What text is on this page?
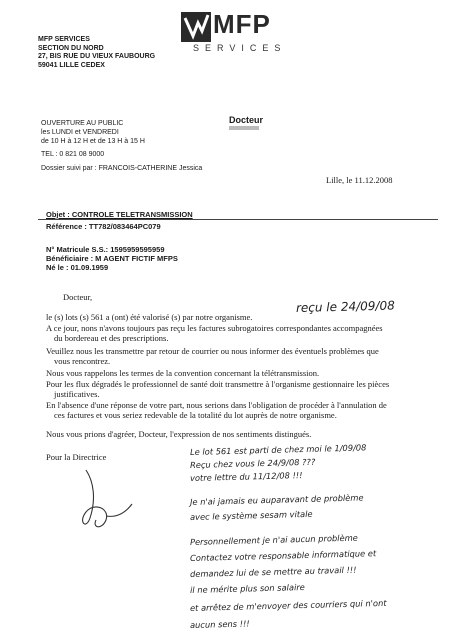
MFP
SERVICES
MFP SERVICES
SECTION DU NORD
27, BIS RUE DU VIEUX FAUBOURG
59041 LILLE CEDEX
OUVERTURE AU PUBLIC
les LUNDI et VENDREDI
de 10 H à 12 H et de 13 H à 15 H
Docteur
TEL : 0 821 08 9000
Dossier suivi par : FRANCOIS-CATHERINE Jessica
Lille, le 11.12.2008
Objet : CONTROLE TELETRANSMISSION
Référence : TT782/083464PC079
N° Matricule S.S.: 1595959595959
Bénéficiaire : M AGENT FICTIF MFPS
Né le : 01.09.1959
Docteur,
le (s) lots (s) 561 a (ont) été valorisé (s) par notre organisme.
reçu le 24/09/08
A ce jour, nons n'avons toujours pas reçu les factures subrogatoires correspondantes accompagnées
du bordereau et des prescriptions.
Veuillez nous les transmettre par retour de courrier ou nous informer des éventuels problèmes que
vous rencontrez.
Nous vous rappelons les termes de la convention concernant la télétransmission.
Pour les flux dégradés le professionnel de santé doit transmettre à l'organisme gestionnaire les pièces
justificatives.
En l'absence d'une réponse de votre part, nous serions dans l'obligation de procéder à l'annulation de
ces factures et vous seriez redevable de la totalité du lot auprès de notre organisme.
Nous vous prions d'agréer, Docteur, l'expression de nos sentiments distingués.
Pour la Directrice
Le lot 561 est parti de chez moi le 1/09/08
Reçu chez vous le 24/9/08 ???
votre lettre du 11/12/08 !!!
Je n'ai jamais eu auparavant de problème
avec le système sesam vitale
Personnellement je n'ai aucun problème
Contactez votre responsable informatique et
demandez lui de se mettre au travail !!!
il ne mérite plus son salaire
et arrêtez de m'envoyer des courriers qui n'ont
aucun sens !!!
